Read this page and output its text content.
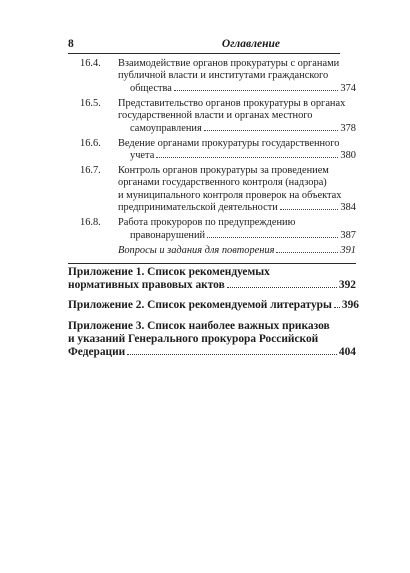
8	Оглавление
16.4.	Взаимодействие органов прокуратуры с органами
публичной власти и институтами гражданского
общества	374
16.5.	Представительство органов прокуратуры в органах
государственной власти и органах местного
самоуправления	378
16.6.	Ведение органами прокуратуры государственного
учета	380
16.7.	Контроль органов прокуратуры за проведением
органами государственного контроля (надзора)
и муниципального контроля проверок на объектах
предпринимательской деятельности	384
16.8.	Работа прокуроров по предупреждению
правонарушений	387
Вопросы и задания для повторения	391
Приложение 1. Список рекомендуемых
нормативных правовых актов	392
Приложение 2. Список рекомендуемой литературы 396
Приложение 3. Список наиболее важных приказов
и указаний Генерального прокурора Российской
Федерации	404
